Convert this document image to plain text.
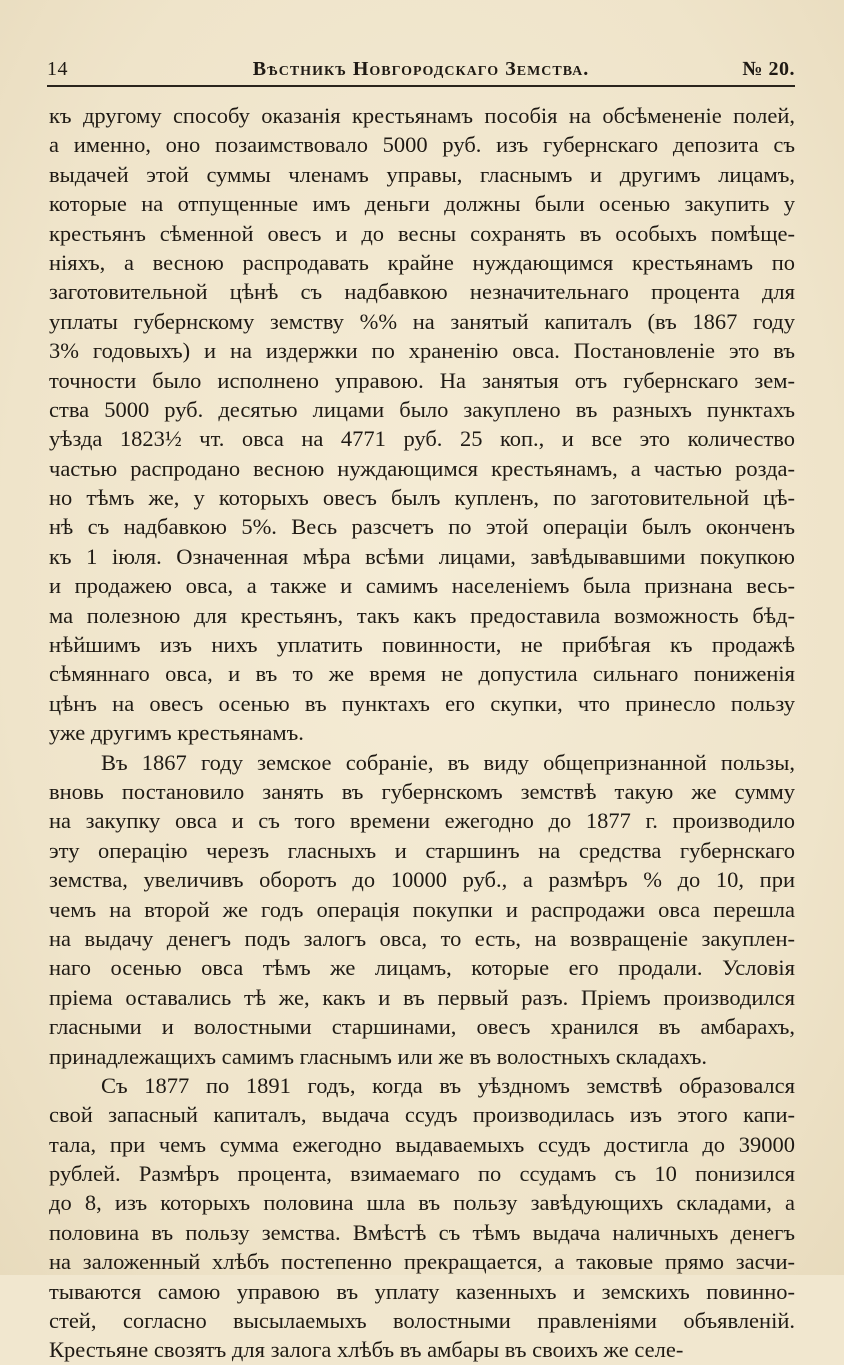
14	Вѣстникъ Новгородскаго Земства.	№ 20.
къ другому способу оказанія крестьянамъ пособія на обсѣмененіе полей,
а именно, оно позаимствовало 5000 руб. изъ губернскаго депозита съ
выдачей этой суммы членамъ управы, гласнымъ и другимъ лицамъ,
которые на отпущенные имъ деньги должны были осенью закупить у
крестьянъ сѣменной овесъ и до весны сохранять въ особыхъ помѣще-
ніяхъ, а весною распродавать крайне нуждающимся крестьянамъ по
заготовительной цѣнѣ съ надбавкою незначительнаго процента для
уплаты губернскому земству %% на занятый капиталъ (въ 1867 году
3% годовыхъ) и на издержки по храненію овса. Постановленіе это въ
точности было исполнено управою. На занятыя отъ губернскаго зем-
ства 5000 руб. десятью лицами было закуплено въ разныхъ пунктахъ
уѣзда 1823½ чт. овса на 4771 руб. 25 коп., и все это количество
частью распродано весною нуждающимся крестьянамъ, а частью розда-
но тѣмъ же, у которыхъ овесъ былъ купленъ, по заготовительной цѣ-
нѣ съ надбавкою 5%. Весь разсчетъ по этой операціи былъ оконченъ
къ 1 іюля. Означенная мѣра всѣми лицами, завѣдывавшими покупкою
и продажею овса, а также и самимъ населеніемъ была признана весь-
ма полезною для крестьянъ, такъ какъ предоставила возможность бѣд-
нѣйшимъ изъ нихъ уплатить повинности, не прибѣгая къ продажѣ
сѣмяннаго овса, и въ то же время не допустила сильнаго пониженія
цѣнъ на овесъ осенью въ пунктахъ его скупки, что принесло пользу
уже другимъ крестьянамъ.
Въ 1867 году земское собраніе, въ виду общепризнанной пользы,
вновь постановило занять въ губернскомъ земствѣ такую же сумму
на закупку овса и съ того времени ежегодно до 1877 г. производило
эту операцію черезъ гласныхъ и старшинъ на средства губернскаго
земства, увеличивъ оборотъ до 10000 руб., а размѣръ % до 10, при
чемъ на второй же годъ операція покупки и распродажи овса перешла
на выдачу денегъ подъ залогъ овса, то есть, на возвращеніе закуплен-
наго осенью овса тѣмъ же лицамъ, которые его продали. Условія
пріема оставались тѣ же, какъ и въ первый разъ. Пріемъ производился
гласными и волостными старшинами, овесъ хранился въ амбарахъ,
принадлежащихъ самимъ гласнымъ или же въ волостныхъ складахъ.
Съ 1877 по 1891 годъ, когда въ уѣздномъ земствѣ образовался
свой запасный капиталъ, выдача ссудъ производилась изъ этого капи-
тала, при чемъ сумма ежегодно выдаваемыхъ ссудъ достигла до 39000
рублей. Размѣръ процента, взимаемаго по ссудамъ съ 10 понизился
до 8, изъ которыхъ половина шла въ пользу завѣдующихъ складами, а
половина въ пользу земства. Вмѣстѣ съ тѣмъ выдача наличныхъ денегъ
на заложенный хлѣбъ постепенно прекращается, а таковые прямо засчи-
тываются самою управою въ уплату казенныхъ и земскихъ повинно-
стей, согласно высылаемыхъ волостными правленіями объявленій.
Крестьяне свозятъ для залога хлѣбъ въ амбары въ своихъ же селе-
